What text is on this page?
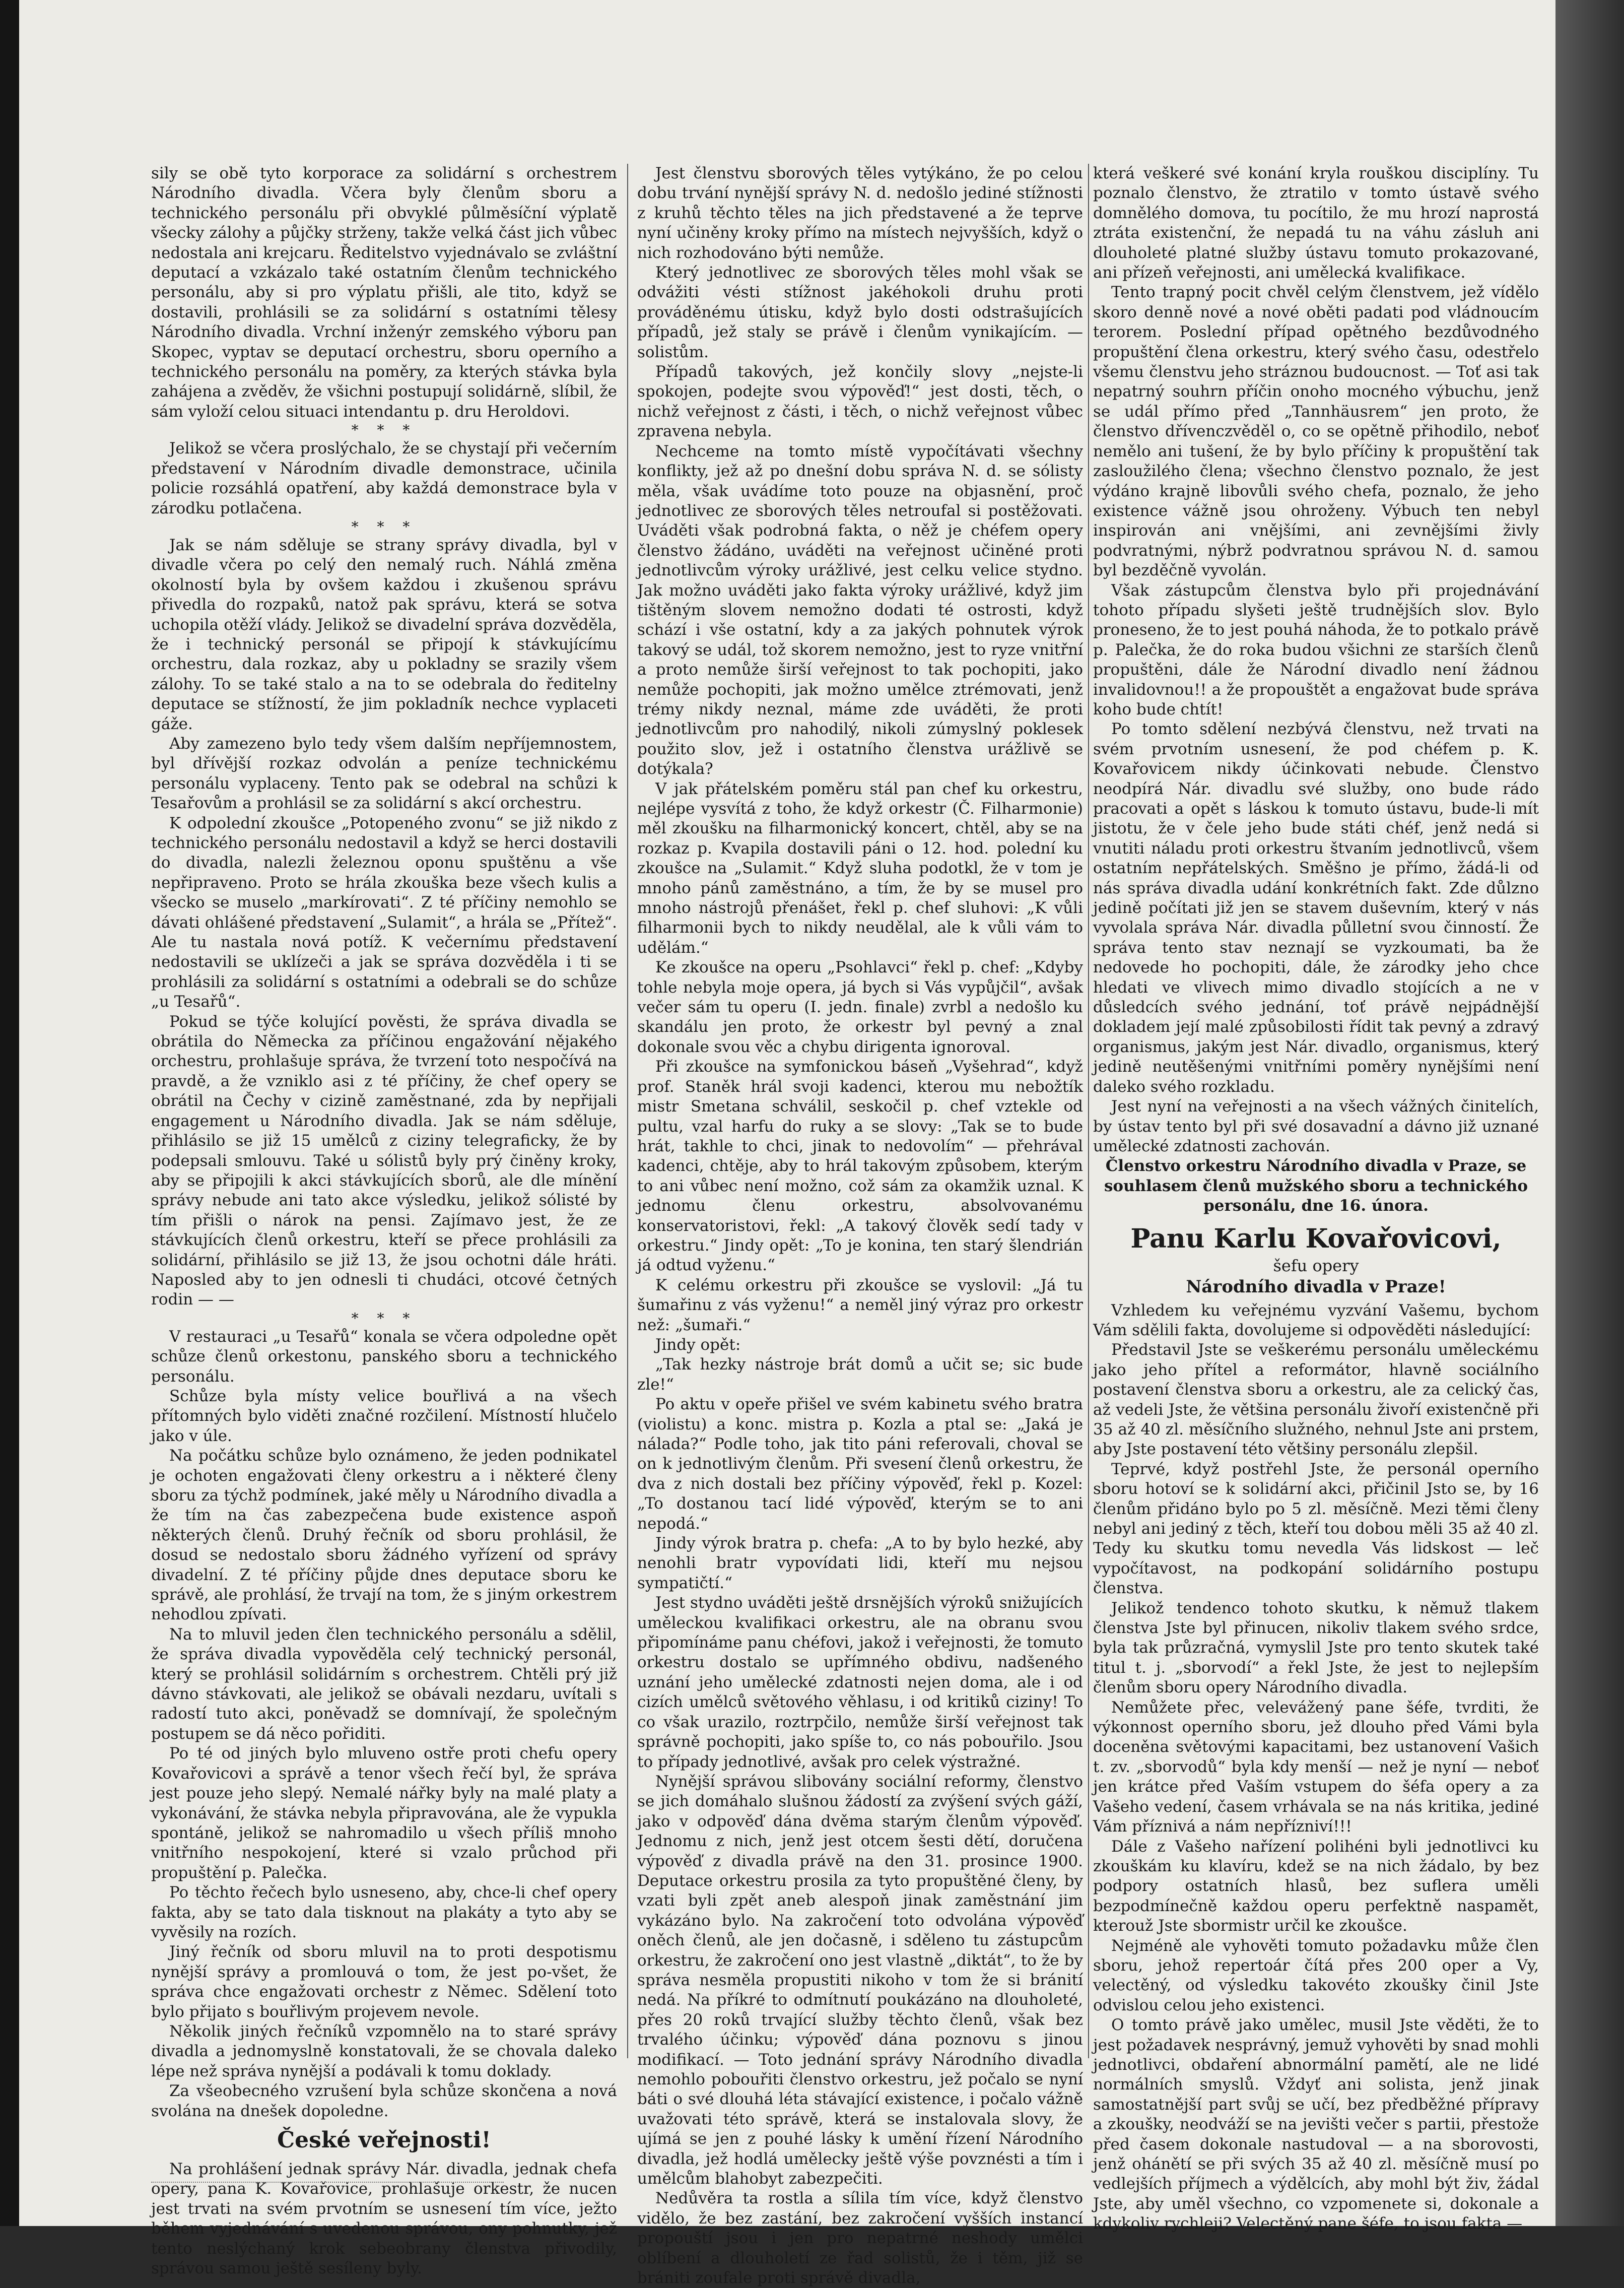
sily se obě tyto korporace za solidární s orchestrem Národního divadla. Včera byly členům sboru a technického personálu při obvyklé půlměsíční výplatě všecky zálohy a půjčky strženy, takže velká část jich vůbec nedostala ani krejcaru. Ředitelstvo vyjednávalo se zvláštní deputací a vzkázalo také ostatním členům technického personálu, aby si pro výplatu přišli, ale tito, když se dostavili, prohlásili se za solidární s ostatními tělesy Národního divadla. Vrchní inženýr zemského výboru pan Skopec, vyptav se deputací orchestru, sboru operního a technického personálu na poměry, za kterých stávka byla zahájena a zvěděv, že všichni postupují solidárně, slíbil, že sám vyloží celou situaci intendantu p. dru Heroldovi.

* * *

Jelikož se včera proslýchalo, že se chystají při večerním představení v Národním divadle demonstrace, učinila policie rozsáhlá opatření, aby každá demonstrace byla v zárodku potlačena.

* * *

Jak se nám sděluje se strany správy divadla, byl v divadle včera po celý den nemalý ruch. Náhlá změna okolností byla by ovšem každou i zkušenou správu přivedla do rozpaků, natož pak správu, která se sotva uchopila otěží vlády. Jelikož se divadelní správa dozvěděla, že i technický personál se připojí k stávkujícímu orchestru, dala rozkaz, aby u pokladny se srazily všem zálohy. To se také stalo a na to se odebrala do ředitelny deputace se stížností, že jim pokladník nechce vyplaceti gáže.

Aby zamezeno bylo tedy všem dalším nepříjemnostem, byl dřívější rozkaz odvolán a peníze technickému personálu vyplaceny. Tento pak se odebral na schůzi k Tesařovům a prohlásil se za solidární s akcí orchestru.

K odpolední zkoušce „Potopeného zvonu“ se již nikdo z technického personálu nedostavil a když se herci dostavili do divadla, nalezli železnou oponu spuštěnu a vše nepřipraveno. Proto se hrála zkouška beze všech kulis a všecko se muselo „markírovati“. Z té příčiny nemohlo se dávati ohlášené představení „Sulamit“, a hrála se „Přítež“. Ale tu nastala nová potíž. K večernímu představení nedostavili se uklízeči a jak se správa dozvěděla i ti se prohlásili za solidární s ostatními a odebrali se do schůze „u Tesařů“.

Pokud se týče kolující pověsti, že správa divadla se obrátila do Německa za příčinou engažování nějakého orchestru, prohlašuje správa, že tvrzení toto nespočívá na pravdě, a že vzniklo asi z té příčiny, že chef opery se obrátil na Čechy v cizině zaměstnané, zda by nepřijali engagement u Národního divadla. Jak se nám sděluje, přihlásilo se již 15 umělců z ciziny telegraficky, že by podepsali smlouvu. Také u sólistů byly prý činěny kroky, aby se připojili k akci stávkujících sborů, ale dle mínění správy nebude ani tato akce výsledku, jelikož sólisté by tím přišli o nárok na pensi. Zajímavo jest, že ze stávkujících členů orkestru, kteří se přece prohlásili za solidární, přihlásilo se již 13, že jsou ochotni dále hráti. Naposled aby to jen odnesli ti chudáci, otcové četných rodin — —

* * *

V restauraci „u Tesařů“ konala se včera odpoledne opět schůze členů orkestonu, panského sboru a technického personálu.

Schůze byla místy velice bouřlivá a na všech přítomných bylo viděti značné rozčilení. Místností hlučelo jako v úle.

Na počátku schůze bylo oznámeno, že jeden podnikatel je ochoten engažovati členy orkestru a i některé členy sboru za týchž podmínek, jaké měly u Národního divadla a že tím na čas zabezpečena bude existence aspoň některých členů. Druhý řečník od sboru prohlásil, že dosud se nedostalo sboru žádného vyřízení od správy divadelní. Z té příčiny půjde dnes deputace sboru ke správě, ale prohlásí, že trvají na tom, že s jiným orkestrem nehodlou zpívati.

Na to mluvil jeden člen technického personálu a sdělil, že správa divadla vypověděla celý technický personál, který se prohlásil solidárním s orchestrem. Chtěli prý již dávno stávkovati, ale jelikož se obávali nezdaru, uvítali s radostí tuto akci, poněvadž se domnívají, že společným postupem se dá něco pořiditi.

Po té od jiných bylo mluveno ostře proti chefu opery Kovařovicovi a správě a tenor všech řečí byl, že správa jest pouze jeho slepý. Nemalé nářky byly na malé platy a vykonávání, že stávka nebyla připravována, ale že vypukla spontáně, jelikož se nahromadilo u všech příliš mnoho vnitřního nespokojení, které si vzalo průchod při propuštění p. Palečka.

Po těchto řečech bylo usneseno, aby, chce-li chef opery fakta, aby se tato dala tisknout na plakáty a tyto aby se vyvěsily na rozích.

Jiný řečník od sboru mluvil na to proti despotismu nynější správy a promlouvá o tom, že jest po-všet, že správa chce engažovati orchestr z Němec. Sdělení toto bylo přijato s bouřlivým projevem nevole.

Několik jiných řečníků vzpomnělo na to staré správy divadla a jednomyslně konstatovali, že se chovala daleko lépe než správa nynější a podávali k tomu doklady.

Za všeobecného vzrušení byla schůze skončena a nová svolána na dnešek dopoledne.

České veřejnosti!

Na prohlášení jednak správy Nár. divadla, jednak chefa opery, pana K. Kovařovice, prohlašuje orkestr, že nucen jest trvati na svém prvotním se usnesení tím více, ježto během vyjednávání s uvedenou správou, ony pohnutky, jež tento neslýchaný krok sebeobrany členstva přivodily, správou samou ještě sesíleny byly.

Jest členstvu sborových těles vytýkáno, že po celou dobu trvání nynější správy N. d. nedošlo jediné stížnosti z kruhů těchto těles na jich představené a že teprve nyní učiněny kroky přímo na místech nejvyšších, když o nich rozhodováno býti nemůže.

Který jednotlivec ze sborových těles mohl však se odvážiti vésti stížnost jakéhokoli druhu proti prováděnému útisku, když bylo dosti odstrašujících případů, jež staly se právě i členům vynikajícím. — solistům.

Případů takových, jež končily slovy „nejste-li spokojen, podejte svou výpověď!“ jest dosti, těch, o nichž veřejnost z části, i těch, o nichž veřejnost vůbec zpravena nebyla.

Nechceme na tomto místě vypočítávati všechny konflikty, jež až po dnešní dobu správa N. d. se sólisty měla, však uvádíme toto pouze na objasnění, proč jednotlivec ze sborových těles netroufal si postěžovati. Uváděti však podrobná fakta, o něž je chéfem opery členstvo žádáno, uváděti na veřejnost učiněné proti jednotlivcům výroky urážlivé, jest celku velice stydno. Jak možno uváděti jako fakta výroky urážlivé, když jim tištěným slovem nemožno dodati té ostrosti, když schází i vše ostatní, kdy a za jakých pohnutek výrok takový se udál, tož skorem nemožno, jest to ryze vnitřní a proto nemůže širší veřejnost to tak pochopiti, jako nemůže pochopiti, jak možno umělce ztrémovati, jenž trémy nikdy neznal, máme zde uváděti, že proti jednotlivcům pro nahodilý, nikoli zúmyslný poklesek použito slov, jež i ostatního členstva urážlivě se dotýkala?

V jak přátelském poměru stál pan chef ku orkestru, nejlépe vysvítá z toho, že když orkestr (Č. Filharmonie) měl zkoušku na filharmonický koncert, chtěl, aby se na rozkaz p. Kvapila dostavili páni o 12. hod. polední ku zkoušce na „Sulamit.“ Když sluha podotkl, že v tom je mnoho pánů zaměstnáno, a tím, že by se musel pro mnoho nástrojů přenášet, řekl p. chef sluhovi: „K vůli filharmonii bych to nikdy neudělal, ale k vůli vám to udělám.“

Ke zkoušce na operu „Psohlavci“ řekl p. chef: „Kdyby tohle nebyla moje opera, já bych si Vás vypůjčil“, avšak večer sám tu operu (I. jedn. finale) zvrbl a nedošlo ku skandálu jen proto, že orkestr byl pevný a znal dokonale svou věc a chybu dirigenta ignoroval.

Při zkoušce na symfonickou báseň „Vyšehrad“, když prof. Staněk hrál svoji kadenci, kterou mu nebožtík mistr Smetana schválil, seskočil p. chef vztekle od pultu, vzal harfu do ruky a se slovy: „Tak se to bude hrát, takhle to chci, jinak to nedovolím“ — přehrával kadenci, chtěje, aby to hrál takovým způsobem, kterým to ani vůbec není možno, což sám za okamžik uznal. K jednomu členu orkestru, absolvovanému konservatoristovi, řekl: „A takový člověk sedí tady v orkestru.“ Jindy opět: „To je konina, ten starý šlendrián já odtud vyženu.“

K celému orkestru při zkoušce se vyslovil: „Já tu šumařinu z vás vyženu!“ a neměl jiný výraz pro orkestr než: „šumaři.“

Jindy opět:

„Tak hezky nástroje brát domů a učit se; sic bude zle!“

Po aktu v opeře přišel ve svém kabinetu svého bratra (violistu) a konc. mistra p. Kozla a ptal se: „Jaká je nálada?“ Podle toho, jak tito páni referovali, choval se on k jednotlivým členům. Při svesení členů orkestru, že dva z nich dostali bez příčiny výpověď, řekl p. Kozel: „To dostanou tací lidé výpověď, kterým se to ani nepodá.“

Jindy výrok bratra p. chefa: „A to by bylo hezké, aby nenohli bratr vypovídati lidi, kteří mu nejsou sympatičtí.“

Jest stydno uváděti ještě drsnějších výroků snižujících uměleckou kvalifikaci orkestru, ale na obranu svou připomínáme panu chéfovi, jakož i veřejnosti, že tomuto orkestru dostalo se upřímného obdivu, nadšeného uznání jeho umělecké zdatnosti nejen doma, ale i od cizích umělců světového věhlasu, i od kritiků ciziny! To co však urazilo, roztrpčilo, nemůže širší veřejnost tak správně pochopiti, jako spíše to, co nás pobouřilo. Jsou to případy jednotlivé, avšak pro celek výstražné.

Nynější správou slibovány sociální reformy, členstvo se jich domáhalo slušnou žádostí za zvýšení svých gáží, jako v odpověď dána dvěma starým členům výpověď. Jednomu z nich, jenž jest otcem šesti dětí, doručena výpověď z divadla právě na den 31. prosince 1900. Deputace orkestru prosila za tyto propuštěné členy, by vzati byli zpět aneb alespoň jinak zaměstnání jim vykázáno bylo. Na zakročení toto odvolána výpověď oněch členů, ale jen dočasně, i sděleno tu zástupcům orkestru, že zakročení ono jest vlastně „diktát“, to že by správa nesměla propustiti nikoho v tom že si bránití nedá. Na příkré to odmítnutí poukázáno na dlouholeté, přes 20 roků trvající služby těchto členů, však bez trvalého účinku; výpověď dána poznovu s jinou modifikací. — Toto jednání správy Národního divadla nemohlo pobouřiti členstvo orkestru, jež počalo se nyní báti o své dlouhá léta stávající existence, i počalo vážně uvažovati této správě, která se instalovala slovy, že ujímá se jen z pouhé lásky k umění řízení Národního divadla, jež hodlá umělecky ještě výše povznésti a tím i umělcům blahobyt zabezpečiti.

Nedůvěra ta rostla a sílila tím více, když členstvo vidělo, že bez zastání, bez zakročení vyšších instancí propouští jsou i jen pro nepatrné neshody umělci oblíbení a dlouholetí ze řad solistů, že i těm, již se brániti zoufale proti správě divadla,

která veškeré své konání kryla rouškou disciplíny. Tu poznalo členstvo, že ztratilo v tomto ústavě svého domnělého domova, tu pocítilo, že mu hrozí naprostá ztráta existenční, že nepadá tu na váhu zásluh ani dlouholeté platné služby ústavu tomuto prokazované, ani přízeň veřejnosti, ani umělecká kvalifikace.

Tento trapný pocit chvěl celým členstvem, jež vídělo skoro denně nové a nové oběti padati pod vládnoucím terorem. Poslední případ opětného bezdůvodného propuštění člena orkestru, který svého času, odestřelo všemu členstvu jeho stráznou budoucnost. — Toť asi tak nepatrný souhrn příčin onoho mocného výbuchu, jenž se udál přímo před „Tannhäusrem“ jen proto, že členstvo dřívenczvěděl o, co se opětně přihodilo, neboť nemělo ani tušení, že by bylo příčiny k propuštění tak zasloužilého člena; všechno členstvo poznalo, že jest výdáno krajně libovůli svého chefa, poznalo, že jeho existence vážně jsou ohroženy. Výbuch ten nebyl inspirován ani vnějšími, ani zevnějšími živly podvratnými, nýbrž podvratnou správou N. d. samou byl bezděčně vyvolán.

Však zástupcům členstva bylo při projednávání tohoto případu slyšeti ještě trudnějších slov. Bylo proneseno, že to jest pouhá náhoda, že to potkalo právě p. Palečka, že do roka budou všichni ze starších členů propuštěni, dále že Národní divadlo není žádnou invalidovnou!! a že propouštět a engažovat bude správa koho bude chtít!

Po tomto sdělení nezbývá členstvu, než trvati na svém prvotním usnesení, že pod chéfem p. K. Kovařovicem nikdy účinkovati nebude. Členstvo neodpírá Nár. divadlu své služby, ono bude rádo pracovati a opět s láskou k tomuto ústavu, bude-li mít jistotu, že v čele jeho bude státi chéf, jenž nedá si vnutiti náladu proti orkestru štvaním jednotlivců, všem ostatním nepřátelských. Směšno je přímo, žádá-li od nás správa divadla udání konkrétních fakt. Zde důlzno jedině počítati již jen se stavem duševním, který v nás vyvolala správa Nár. divadla půlletní svou činností. Že správa tento stav neznají se vyzkoumati, ba že nedovede ho pochopiti, dále, že zárodky jeho chce hledati ve vlivech mimo divadlo stojících a ne v důsledcích svého jednání, toť právě nejpádnější dokladem její malé způsobilosti řídit tak pevný a zdravý organismus, jakým jest Nár. divadlo, organismus, který jedině neutěšenými vnitřními poměry nynějšími není daleko svého rozkladu.

Jest nyní na veřejnosti a na všech vážných činitelích, by ústav tento byl při své dosavadní a dávno již uznané umělecké zdatnosti zachován.

Členstvo orkestru Národního divadla v Praze, se souhlasem členů mužského sboru a technického personálu, dne 16. února.
Panu Karlu Kovařovicovi,
šefu opery
Národního divadla v Praze!

Vzhledem ku veřejnému vyzvání Vašemu, bychom Vám sdělili fakta, dovolujeme si odpověděti následující:

Představil Jste se veškerému personálu uměleckému jako jeho přítel a reformátor, hlavně sociálního postavení členstva sboru a orkestru, ale za celický čas, až vedeli Jste, že většina personálu živoří existenčně při 35 až 40 zl. měsíčního služného, nehnul Jste ani prstem, aby Jste postavení této většiny personálu zlepšil.

Teprvé, když postřehl Jste, že personál operního sboru hotoví se k solidární akci, přičinil Jsto se, by 16 členům přidáno bylo po 5 zl. měsíčně. Mezi těmi členy nebyl ani jediný z těch, kteří tou dobou měli 35 až 40 zl. Tedy ku skutku tomu nevedla Vás lidskost — leč vypočítavost, na podkopání solidárního postupu členstva.

Jelikož tendenco tohoto skutku, k němuž tlakem členstva Jste byl přinucen, nikoliv tlakem svého srdce, byla tak průzračná, vymyslil Jste pro tento skutek také titul t. j. „sborvodí“ a řekl Jste, že jest to nejlepším členům sboru opery Národního divadla.

Nemůžete přec, velevážený pane šéfe, tvrditi, že výkonnost operního sboru, jež dlouho před Vámi byla doceněna světovými kapacitami, bez ustanovení Vašich t. zv. „sborvodů“ byla kdy menší — než je nyní — neboť jen krátce před Vaším vstupem do šéfa opery a za Vašeho vedení, časem vrhávala se na nás kritika, jediné Vám příznivá a nám nepřízniví!!!

Dále z Vašeho nařízení polihéni byli jednotlivci ku zkouškám ku klavíru, kdež se na nich žádalo, by bez podpory ostatních hlasů, bez suflera uměli bezpodmínečně každou operu perfektně naspamět, kterouž Jste sbormistr určil ke zkoušce.

Nejméně ale vyhověti tomuto požadavku může člen sboru, jehož repertoár čítá přes 200 oper a Vy, velectěný, od výsledku takovéto zkoušky činil Jste odvislou celou jeho existenci.

O tomto právě jako umělec, musil Jste věděti, že to jest požadavek nesprávný, jemuž vyhověti by snad mohli jednotlivci, obdaření abnormální pamětí, ale ne lidé normálních smyslů. Vždyť ani solista, jenž jinak samostatnější part svůj se učí, bez předběžné přípravy a zkoušky, neodváží se na jevišti večer s partii, přestože před časem dokonale nastudoval — a na sborovosti, jenž ohánětí se při svých 35 až 40 zl. měsíčně musí po vedlejších příjmech a výdělcích, aby mohl být živ, žádal Jste, aby uměl všechno, co vzpomenete si, dokonale a kdykoliv rychleji? Velectěný pane šéfe, to jsou fakta —
